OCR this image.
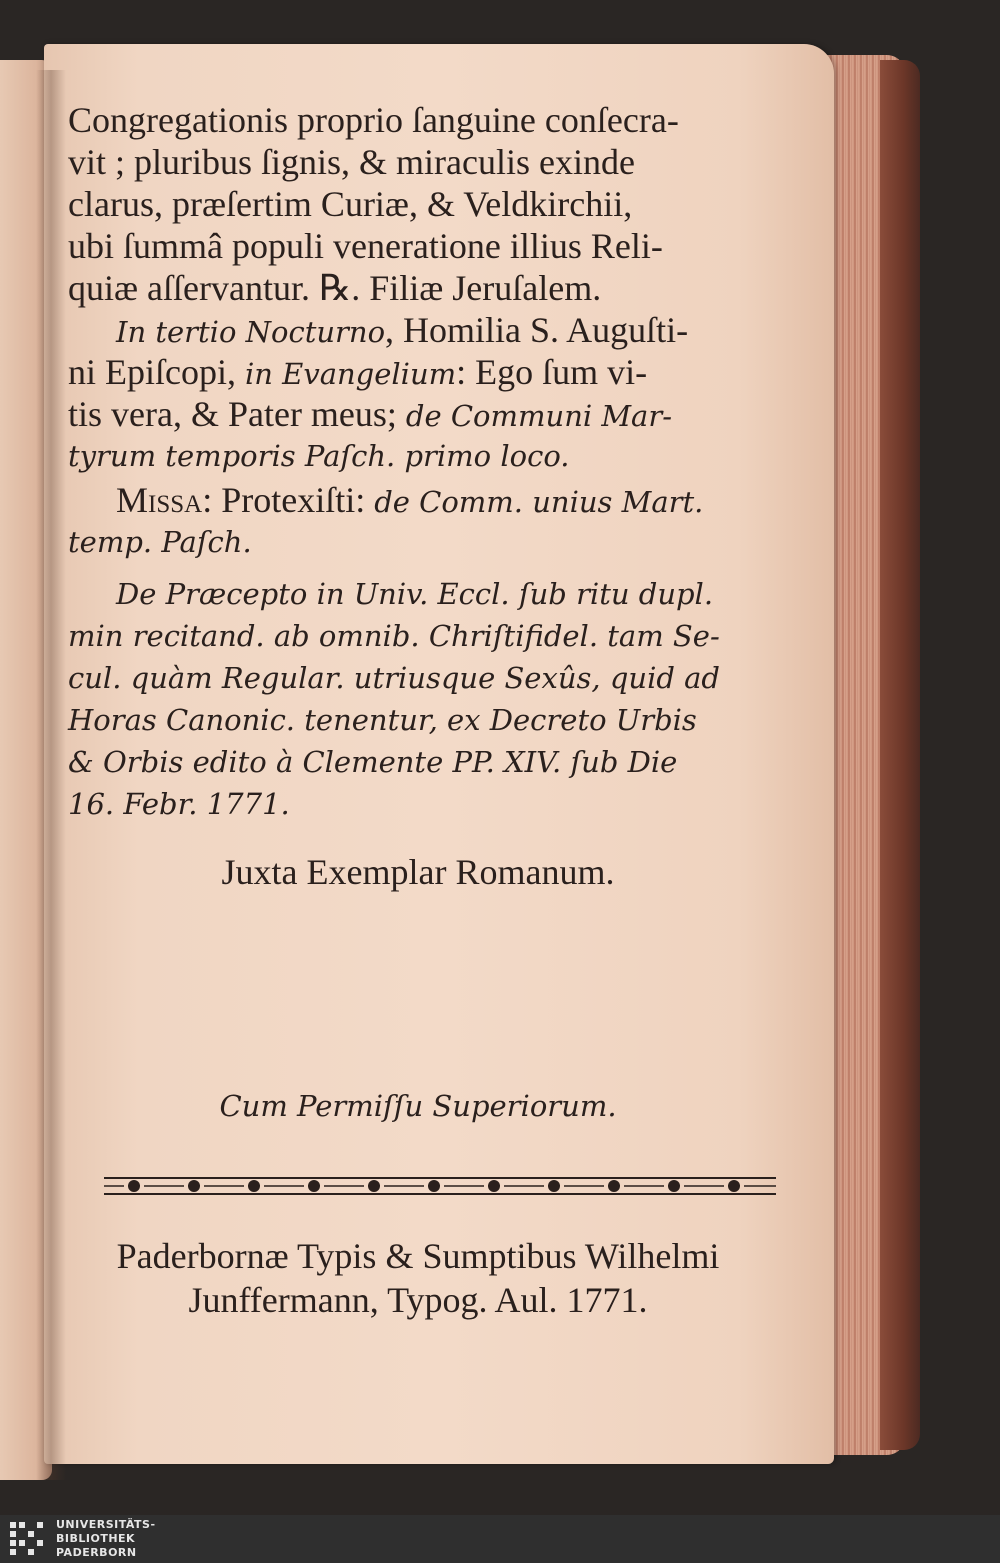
Congregationis proprio ſanguine conſecra-
vit ; pluribus ſignis, & miraculis exinde
clarus, præſertim Curiæ, & Veldkirchii,
ubi ſummâ populi veneratione illius Reli-
quiæ aſſervantur. ℞. Filiæ Jeruſalem.
In tertio Nocturno, Homilia S. Auguſti-
ni Epiſcopi, in Evangelium: Ego ſum vi-
tis vera, & Pater meus; de Communi Mar-
tyrum temporis Paſch. primo loco.
Missa: Protexiſti: de Comm. unius Mart.
temp. Paſch.
De Præcepto in Univ. Eccl. ſub ritu dupl.
min recitand. ab omnib. Chriſtifidel. tam Se-
cul. quàm Regular. utriusque Sexûs, quid ad
Horas Canonic. tenentur, ex Decreto Urbis
& Orbis edito à Clemente PP. XIV. ſub Die
16. Febr. 1771.
Juxta Exemplar Romanum.
Cum Permiſſu Superiorum.
Paderbornæ Typis & Sumptibus Wilhelmi
Junffermann, Typog. Aul. 1771.
UNIVERSITÄTS-
BIBLIOTHEK
PADERBORN
